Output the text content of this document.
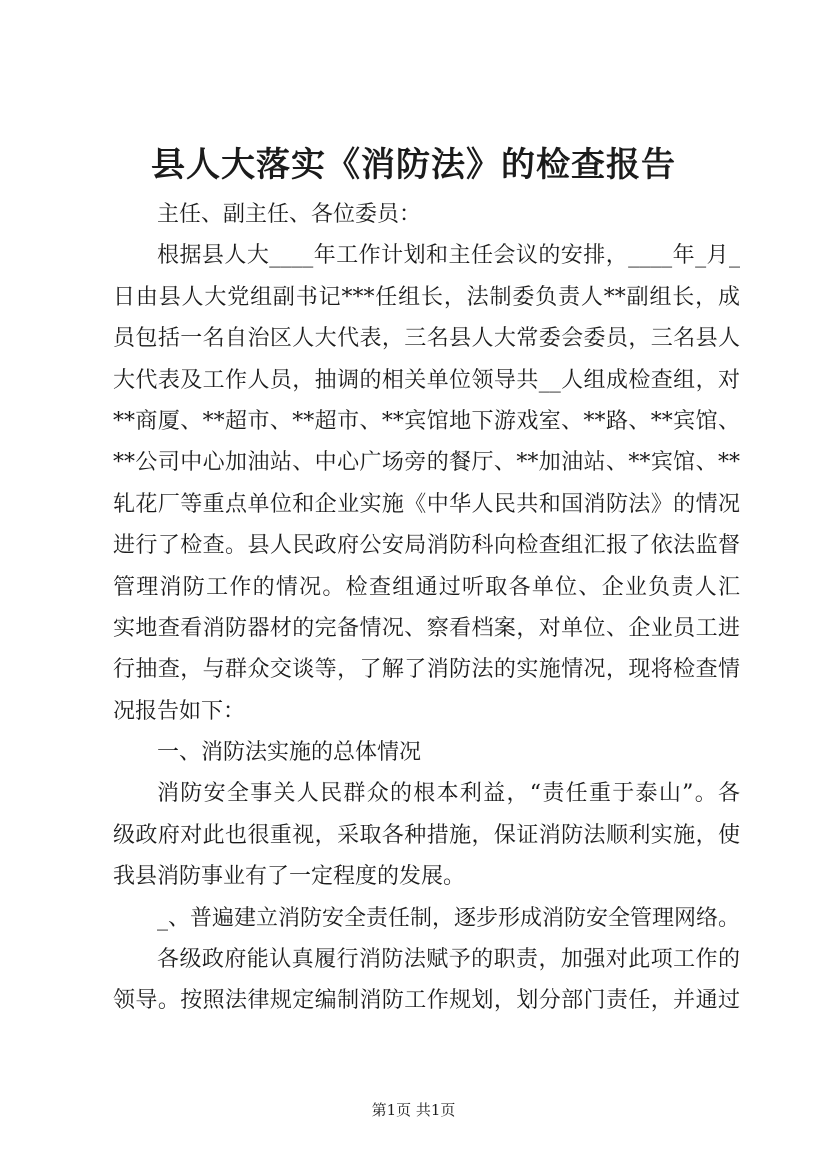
县人大落实《消防法》的检查报告
主任、副主任、各位委员：
根据县人大____年工作计划和主任会议的安排，____年_月_
日由县人大党组副书记***任组长，法制委负责人**副组长，成
员包括一名自治区人大代表，三名县人大常委会委员，三名县人
大代表及工作人员，抽调的相关单位领导共__人组成检查组，对
**商厦、**超市、**超市、**宾馆地下游戏室、**路、**宾馆、
**公司中心加油站、中心广场旁的餐厅、**加油站、**宾馆、**
轧花厂等重点单位和企业实施《中华人民共和国消防法》的情况
进行了检查。县人民政府公安局消防科向检查组汇报了依法监督
管理消防工作的情况。检查组通过听取各单位、企业负责人汇
实地查看消防器材的完备情况、察看档案，对单位、企业员工进
行抽查，与群众交谈等，了解了消防法的实施情况，现将检查情
况报告如下：
一、消防法实施的总体情况
消防安全事关人民群众的根本利益，“责任重于泰山”。各
级政府对此也很重视，采取各种措施，保证消防法顺利实施，使
我县消防事业有了一定程度的发展。
_、普遍建立消防安全责任制，逐步形成消防安全管理网络。
各级政府能认真履行消防法赋予的职责，加强对此项工作的
领导。按照法律规定编制消防工作规划，划分部门责任，并通过
第1页 共1页
